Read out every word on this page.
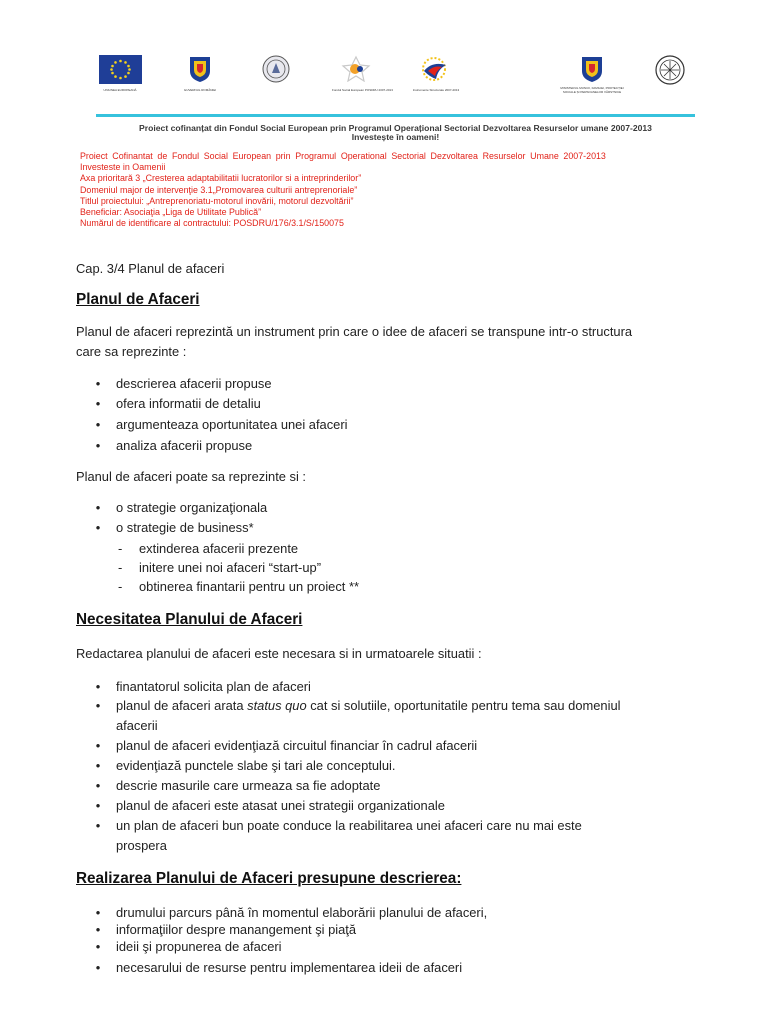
UNIUNEA EUROPEANĂ	GUVERNUL ROMÂNIEI	Fondul Social European POSDRU 2007-2013	Instrumente Structurale 2007-2013	MINISTERUL MUNCII, FAMILIEI, PROTECȚIEI SOCIALE ȘI PERSOANELOR VÂRSTNICE
Proiect cofinanțat din Fondul Social European prin Programul Operațional Sectorial Dezvoltarea Resurselor umane 2007-2013
Investește în oameni!
Proiect Cofinantat de Fondul Social European prin Programul Operational Sectorial Dezvoltarea Resurselor Umane 2007-2013
Investeste in Oamenii
Axa prioritară 3 „Cresterea adaptabilitatii lucratorilor si a intreprinderilor”
Domeniul major de intervenţie 3.1„Promovarea culturii antreprenoriale”
Titlul proiectului: „Antreprenoriatu-motorul inovării, motorul dezvoltării”
Beneficiar: Asociaţia „Liga de Utilitate Publică”
Numărul de identificare al contractului: POSDRU/176/3.1/S/150075
Cap. 3/4 Planul de afaceri
Planul de Afaceri
Planul de afaceri reprezintă un instrument prin care o idee de afaceri se transpune intr-o structura
care sa reprezinte :
• descrierea afacerii propuse
• ofera informatii de detaliu
• argumenteaza oportunitatea unei afaceri
• analiza afacerii propuse
Planul de afaceri poate sa reprezinte si :
• o strategie organizaţionala
• o strategie de business*
- extinderea afacerii prezente
- initere unei noi afaceri “start-up”
- obtinerea finantarii pentru un proiect **
Necesitatea Planului de Afaceri
Redactarea planului de afaceri este necesara si in urmatoarele situatii :
• finantatorul solicita plan de afaceri
• planul de afaceri arata status quo cat si solutiile, oportunitatile pentru tema sau domeniul
afacerii
• planul de afaceri evidenţiază circuitul financiar în cadrul afacerii
• evidenţiază punctele slabe şi tari ale conceptului.
• descrie masurile care urmeaza sa fie adoptate
• planul de afaceri este atasat unei strategii organizationale
• un plan de afaceri bun poate conduce la reabilitarea unei afaceri care nu mai este
prospera
Realizarea Planului de Afaceri presupune descrierea:
• drumului parcurs până în momentul elaborării planului de afaceri,
• informaţiilor despre manangement şi piaţă
• ideii şi propunerea de afaceri
• necesarului de resurse pentru implementarea ideii de afaceri
